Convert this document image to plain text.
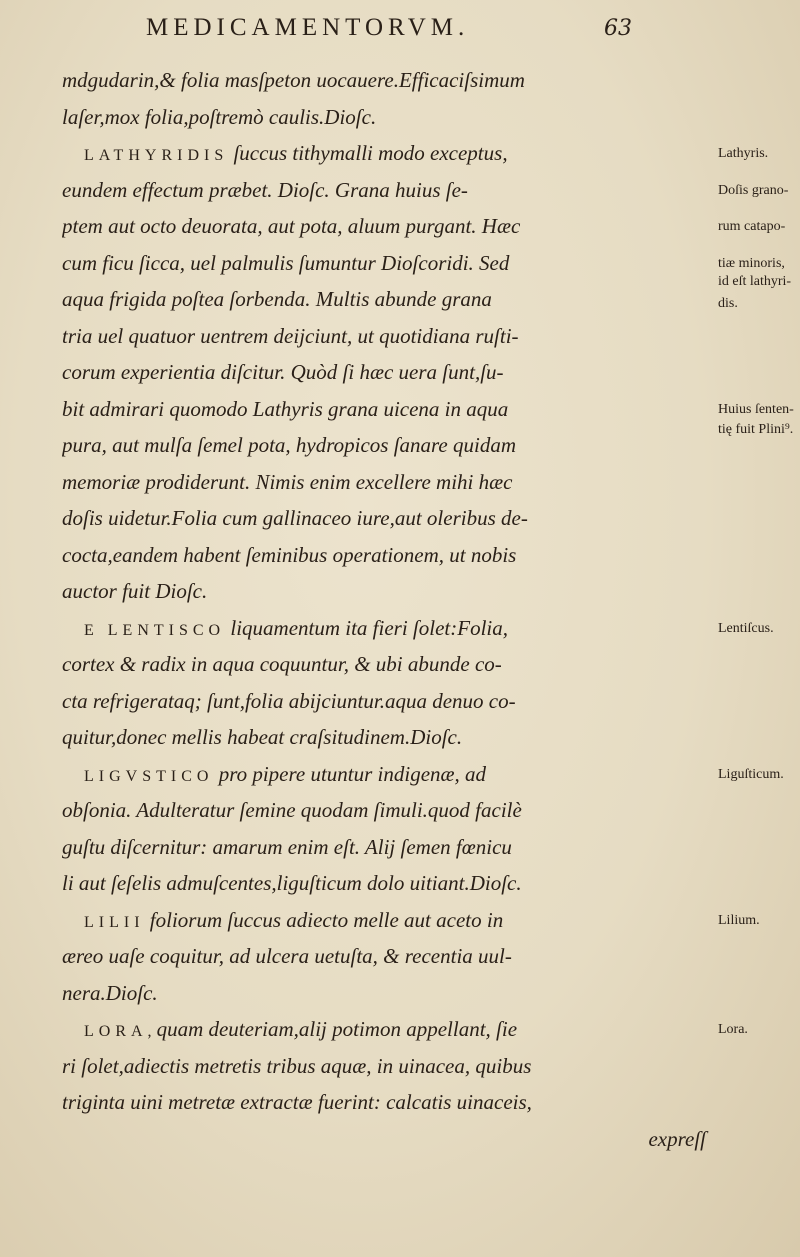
MEDICAMENTORVM.	63
mdgudarin,& folia masſpeton uocauere.Efficaciſsimum
laſer,mox folia,poſtremò caulis.Dioſc.
LATHYRIDIS ſuccus tithymalli modo exceptus,
eundem effectum præbet. Dioſc. Grana huius ſe-
ptem aut octo deuorata, aut pota, aluum purgant. Hæc
cum ficu ſicca, uel palmulis ſumuntur Dioſcoridi. Sed
aqua frigida poſtea ſorbenda. Multis abunde grana
tria uel quatuor uentrem deijciunt, ut quotidiana ruſti-
corum experientia diſcitur. Quòd ſi hæc uera ſunt,ſu-
bit admirari quomodo Lathyris grana uicena in aqua
pura, aut mulſa ſemel pota, hydropicos ſanare quidam
memoriæ prodiderunt. Nimis enim excellere mihi hæc
doſis uidetur.Folia cum gallinaceo iure,aut oleribus de-
cocta,eandem habent ſeminibus operationem, ut nobis
auctor fuit Dioſc.
E LENTISCO liquamentum ita fieri ſolet:Folia,
cortex & radix in aqua coquuntur, & ubi abunde co-
cta refrigerataq; ſunt,folia abijciuntur.aqua denuo co-
quitur,donec mellis habeat craſsitudinem.Dioſc.
LIGVSTICO pro pipere utuntur indigenæ, ad
obſonia. Adulteratur ſemine quodam ſimuli.quod facilè
guſtu diſcernitur: amarum enim eſt. Alij ſemen fœnicu
li aut ſeſelis admuſcentes,liguſticum dolo uitiant.Dioſc.
LILII foliorum ſuccus adiecto melle aut aceto in
æreo uaſe coquitur, ad ulcera uetuſta, & recentia uul-
nera.Dioſc.
LORA,quam deuteriam,alij potimon appellant, ſie
ri ſolet,adiectis metretis tribus aquæ, in uinacea, quibus
triginta uini metretæ extractæ fuerint: calcatis uinaceis,
expreſſ
Lathyris.
Doſis grano-
rum catapo-
tiæ minoris,
id eſt lathyri-
dis.
Huius ſenten-
tię fuit Plini⁹.
Lentiſcus.
Liguſticum.
Lilium.
Lora.
